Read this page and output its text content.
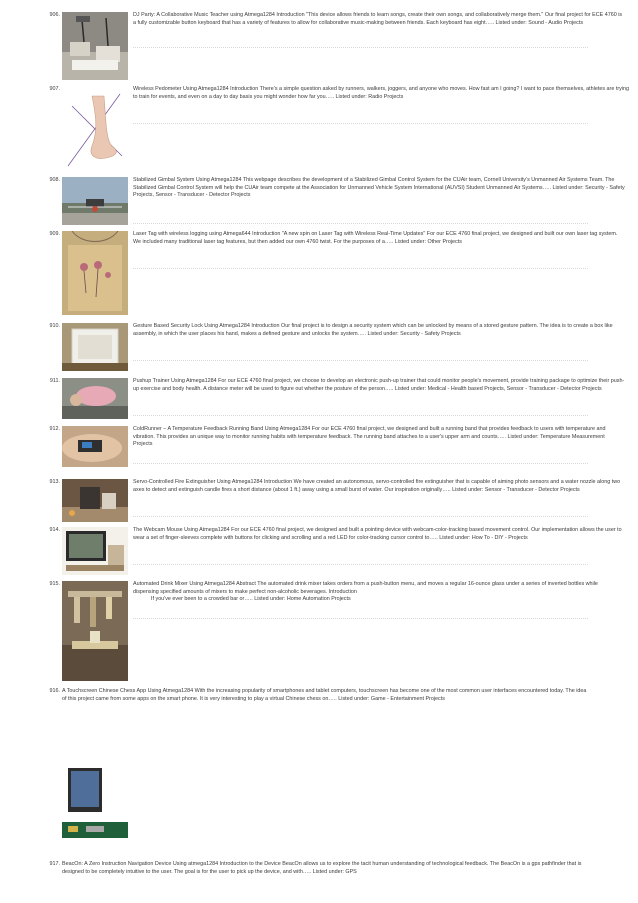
906.	DJ Party: A Collaborative Music Teacher using Atmega1284 Introduction "This device allows friends to learn songs, create their own songs, and collaboratively merge them." Our final project for ECE 4760 is a fully customizable button keyboard that has a variety of features to allow for collaborative music-making between friends. Each keyboard has eight….. Listed under: Sound - Audio Projects
907.	Wireless Pedometer Using Atmega1284 Introduction There’s a simple question asked by runners, walkers, joggers, and anyone who moves. How fast am I going? I want to pace themselves, athletes are trying to train for events, and even on a day to day basis you might wonder how far you….. Listed under: Radio Projects
908.	Stabilized Gimbal System Using Atmega1284 This webpage describes the development of a Stabilized Gimbal Control System for the CUAir team, Cornell University’s Unmanned Air Systems Team. The Stabilized Gimbal Control System will help the CUAir team compete at the Association for Unmanned Vehicle System International (AUVSI) Student Unmanned Air Systems….. Listed under: Security - Safety Projects, Sensor - Transducer - Detector Projects
909.	Laser Tag with wireless logging using Atmega644 Introduction "A new spin on Laser Tag with Wireless Real-Time Updates" For our ECE 4760 final project, we designed and built our own laser tag system. We included many traditional laser tag features, but then added our own 4760 twist. For the purposes of a….. Listed under: Other Projects
910.	Gesture Based Security Lock Using Atmega1284 Introduction Our final project is to design a security system which can be unlocked by means of a stored gesture pattern. The idea is to create a box like assembly, in which the user places his hand, makes a defined gesture and unlocks the system….. Listed under: Security - Safety Projects
911.	Pushup Trainer Using Atmega1284 For our ECE 4760 final project, we choose to develop an electronic push-up trainer that could monitor people's movement, provide training package to optimize their push-up exercise and body health. A distance meter will be used to figure out whether the posture of the person….. Listed under: Medical - Health based Projects, Sensor - Transducer - Detector Projects
912.	ColdRunner – A Temperature Feedback Running Band Using Atmega1284 For our ECE 4760 final project, we designed and built a running band that provides feedback to users with temperature and vibration. This provides an unique way to monitor running habits with temperature feedback. The running band attaches to a user's upper arm and counts….. Listed under: Temperature Measurement Projects
913.	Servo-Controlled Fire Extinguisher Using Atmega1284 Introduction We have created an autonomous, servo-controlled fire extinguisher that is capable of aiming photo sensors and a water nozzle along two axes to detect and extinguish candle fires a short distance (about 1 ft.) away using a small burst of water. Our inspiration originally….. Listed under: Sensor - Transducer - Detector Projects
914.	The Webcam Mouse Using Atmega1284 For our ECE 4760 final project, we designed and built a pointing device with webcam-color-tracking based movement control. Our implementation allows the user to wear a set of finger-sleeves complete with buttons for clicking and scrolling and a red LED for color-tracking cursor control to….. Listed under: How To - DIY - Projects
915.	Automated Drink Mixer Using Atmega1284 Abstract The automated drink mixer takes orders from a push-button menu, and moves a regular 16-ounce glass under a series of inverted bottles while dispensing specified amounts of mixers to make perfect non-alcoholic beverages. Introduction
If you've ever been to a crowded bar or….. Listed under: Home Automation Projects
916. A Touchscreen Chinese Chess App Using Atmega1284 With the increasing popularity of smartphones and tablet computers, touchscreen has become one of the most common user interfaces encountered today. The idea of this project came from some apps on the smart phone. It is very interesting to play a virtual Chinese chess on….. Listed under: Game - Entertainment Projects
917. BeacOn: A Zero Instruction Navigation Device Using atmega1284 Introduction to the Device BeacOn allows us to explore the tacit human understanding of technological feedback. The BeacOn is a gps pathfinder that is designed to be completely intuitive to the user. The goal is for the user to pick up the device, and with….. Listed under: GPS
